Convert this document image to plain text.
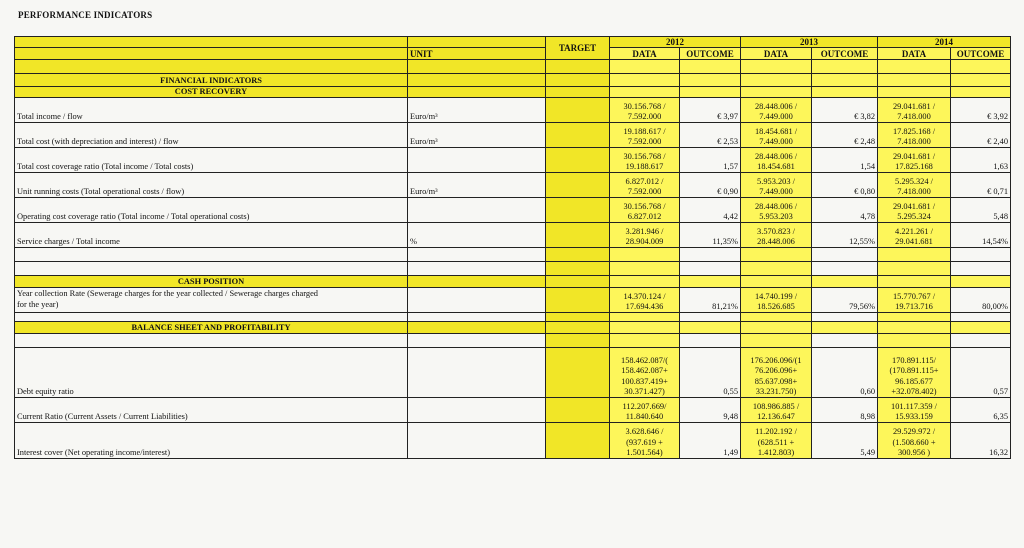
PERFORMANCE INDICATORS
		TARGET	2012		2013		2014	
	UNIT		DATA	OUTCOME	DATA	OUTCOME	DATA	OUTCOME

FINANCIAL INDICATORS								
COST RECOVERY								
Total income / flow	Euro/m³		30.156.768 /
7.592.000	€ 3,97	28.448.006 /
7.449.000	€ 3,82	29.041.681 /
7.418.000	€ 3,92
Total cost (with depreciation and interest) / flow	Euro/m³		19.188.617 /
7.592.000	€ 2,53	18.454.681 /
7.449.000	€ 2,48	17.825.168 /
7.418.000	€ 2,40
Total cost coverage ratio (Total income / Total costs)			30.156.768 /
19.188.617	1,57	28.448.006 /
18.454.681	1,54	29.041.681 /
17.825.168	1,63
Unit running costs (Total operational costs / flow)	Euro/m³		6.827.012 /
7.592.000	€ 0,90	5.953.203 /
7.449.000	€ 0,80	5.295.324 /
7.418.000	€ 0,71
Operating cost coverage ratio (Total income / Total operational costs)			30.156.768 /
6.827.012	4,42	28.448.006 /
5.953.203	4,78	29.041.681 /
5.295.324	5,48
Service charges / Total income	%		3.281.946 /
28.904.009	11,35%	3.570.823 /
28.448.006	12,55%	4.221.261 /
29.041.681	14,54%

CASH POSITION								
Year collection Rate (Sewerage charges for the year collected / Sewerage charges charged
for the year)			14.370.124 /
17.694.436	81,21%	14.740.199 /
18.526.685	79,56%	15.770.767 /
19.713.716	80,00%

BALANCE SHEET AND PROFITABILITY								

Debt equity ratio			158.462.087/(
158.462.087+
100.837.419+
30.371.427)	0,55	176.206.096/(1
76.206.096+
85.637.098+
33.231.750)	0,60	170.891.115/
(170.891.115+
96.185.677
+32.078.402)	0,57
Current Ratio (Current Assets / Current Liabilities)			112.207.669/
11.840.640	9,48	108.986.885 /
12.136.647	8,98	101.117.359 /
15.933.159	6,35
Interest cover (Net operating income/interest)			3.628.646 /
(937.619 +
1.501.564)	1,49	11.202.192 /
(628.511 +
1.412.803)	5,49	29.529.972 /
(1.508.660 +
300.956 )	16,32
